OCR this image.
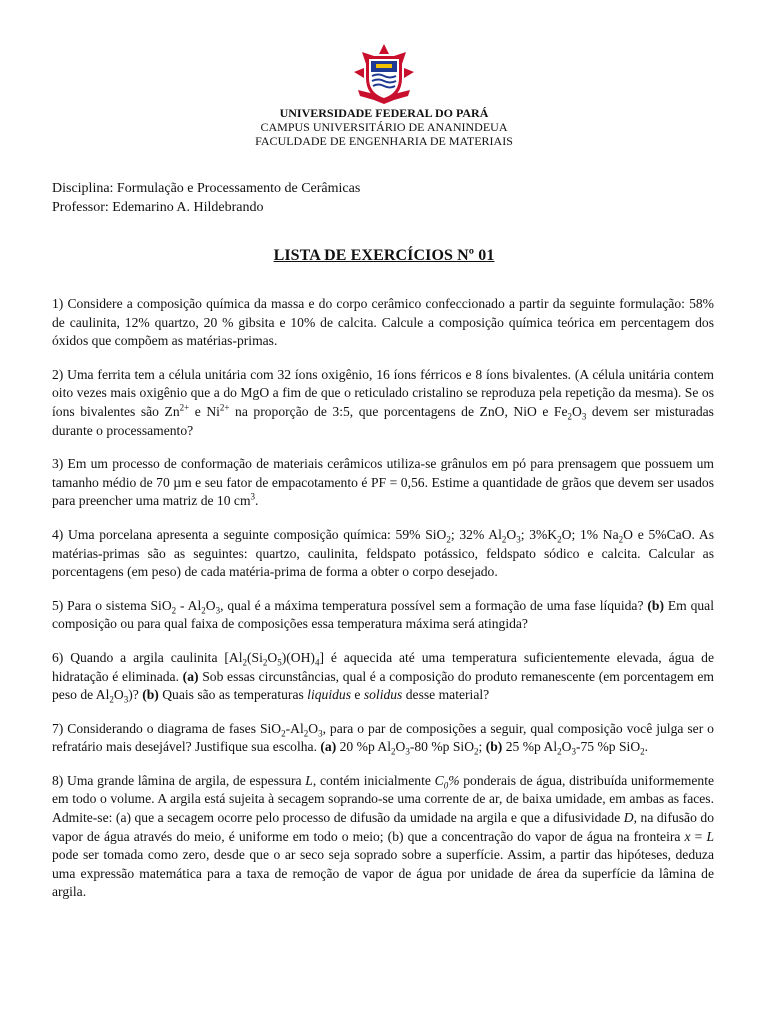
UNIVERSIDADE FEDERAL DO PARÁ
CAMPUS UNIVERSITÁRIO DE ANANINDEUA
FACULDADE DE ENGENHARIA DE MATERIAIS
Disciplina: Formulação e Processamento de Cerâmicas
Professor: Edemarino A. Hildebrando
LISTA DE EXERCÍCIOS Nº 01

1) Considere a composição química da massa e do corpo cerâmico confeccionado a partir da seguinte formulação: 58% de caulinita, 12% quartzo, 20 % gibsita e 10% de calcita. Calcule a composição química teórica em percentagem dos óxidos que compõem as matérias-primas.

2) Uma ferrita tem a célula unitária com 32 íons oxigênio, 16 íons férricos e 8 íons bivalentes. (A célula unitária contem oito vezes mais oxigênio que a do MgO a fim de que o reticulado cristalino se reproduza pela repetição da mesma). Se os íons bivalentes são $Zn^{2+}$ e $Ni^{2+}$ na proporção de 3:5, que porcentagens de ZnO, NiO e $Fe_2O_3$ devem ser misturadas durante o processamento?

3) Em um processo de conformação de materiais cerâmicos utiliza-se grânulos em pó para prensagem que possuem um tamanho médio de 70 µm e seu fator de empacotamento é PF = 0,56. Estime a quantidade de grãos que devem ser usados para preencher uma matriz de 10 $cm^3$.

4) Uma porcelana apresenta a seguinte composição química: 59% SiO$_2$; 32% $Al_2O_3$; $3\%K_2O$; 1% $Na_2O$ e 5%CaO. As matérias-primas são as seguintes: quartzo, caulinita, feldspato potássico, feldspato sódico e calcita. Calcular as porcentagens (em peso) de cada matéria-prima de forma a obter o corpo desejado.

5) Para o sistema $SiO_2 - Al_2O_3$, qual é a máxima temperatura possível sem a formação de uma fase líquida? (b) Em qual composição ou para qual faixa de composições essa temperatura máxima será atingida?

6) Quando a argila caulinita $[Al_2(Si_2O_5)(OH)_4]$ é aquecida até uma temperatura suficientemente elevada, água de hidratação é eliminada. (a) Sob essas circunstâncias, qual é a composição do produto remanescente (em porcentagem em peso de $Al_2O_3$)? (b) Quais são as temperaturas liquidus e solidus desse material?

7) Considerando o diagrama de fases $SiO_2-Al_2O_3$, para o par de composições a seguir, qual composição você julga ser o refratário mais desejável? Justifique sua escolha. (a) 20 %p $Al_2O_3-80$ %p SiO$_2$; (b) 25 %p $Al_2O_3-75$ %p SiO$_2$.

8) Uma grande lâmina de argila, de espessura L, contém inicialmente $C_0\%$ ponderais de água, distribuída uniformemente em todo o volume. A argila está sujeita à secagem soprando-se uma corrente de ar, de baixa umidade, em ambas as faces. Admite-se: (a) que a secagem ocorre pelo processo de difusão da umidade na argila e que a difusividade D, na difusão do vapor de água através do meio, é uniforme em todo o meio; (b) que a concentração do vapor de água na fronteira x = L pode ser tomada como zero, desde que o ar seco seja soprado sobre a superfície. Assim, a partir das hipóteses, deduza uma expressão matemática para a taxa de remoção de vapor de água por unidade de área da superfície da lâmina de argila.
